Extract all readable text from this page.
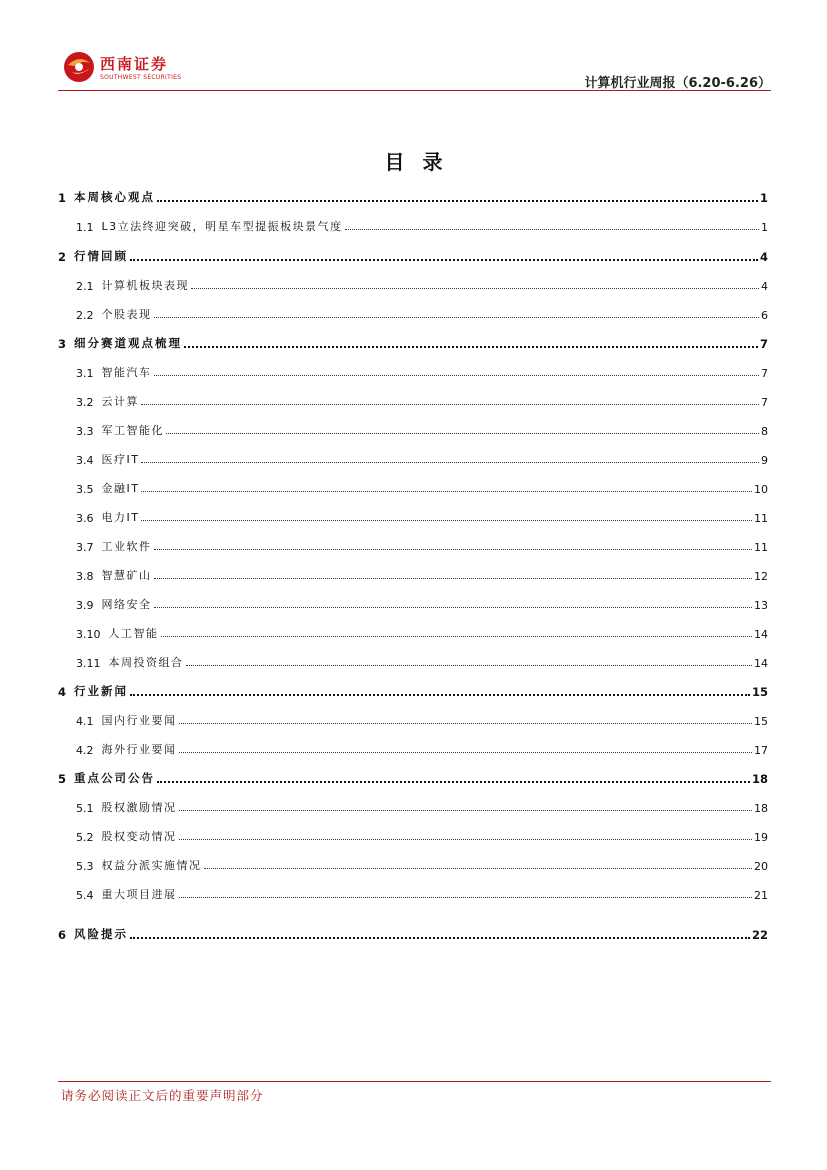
西南证券
SOUTHWEST SECURITIES	计算机行业周报（6.20-6.26）
目录
1 本周核心观点	1
1.1 L3立法终迎突破，明星车型提振板块景气度	1
2 行情回顾	4
2.1 计算机板块表现	4
2.2 个股表现	6
3 细分赛道观点梳理	7
3.1 智能汽车	7
3.2 云计算	7
3.3 军工智能化	8
3.4 医疗IT	9
3.5 金融IT	10
3.6 电力IT	11
3.7 工业软件	11
3.8 智慧矿山	12
3.9 网络安全	13
3.10 人工智能	14
3.11 本周投资组合	14
4 行业新闻	15
4.1 国内行业要闻	15
4.2 海外行业要闻	17
5 重点公司公告	18
5.1 股权激励情况	18
5.2 股权变动情况	19
5.3 权益分派实施情况	20
5.4 重大项目进展	21
6 风险提示	22
请务必阅读正文后的重要声明部分
